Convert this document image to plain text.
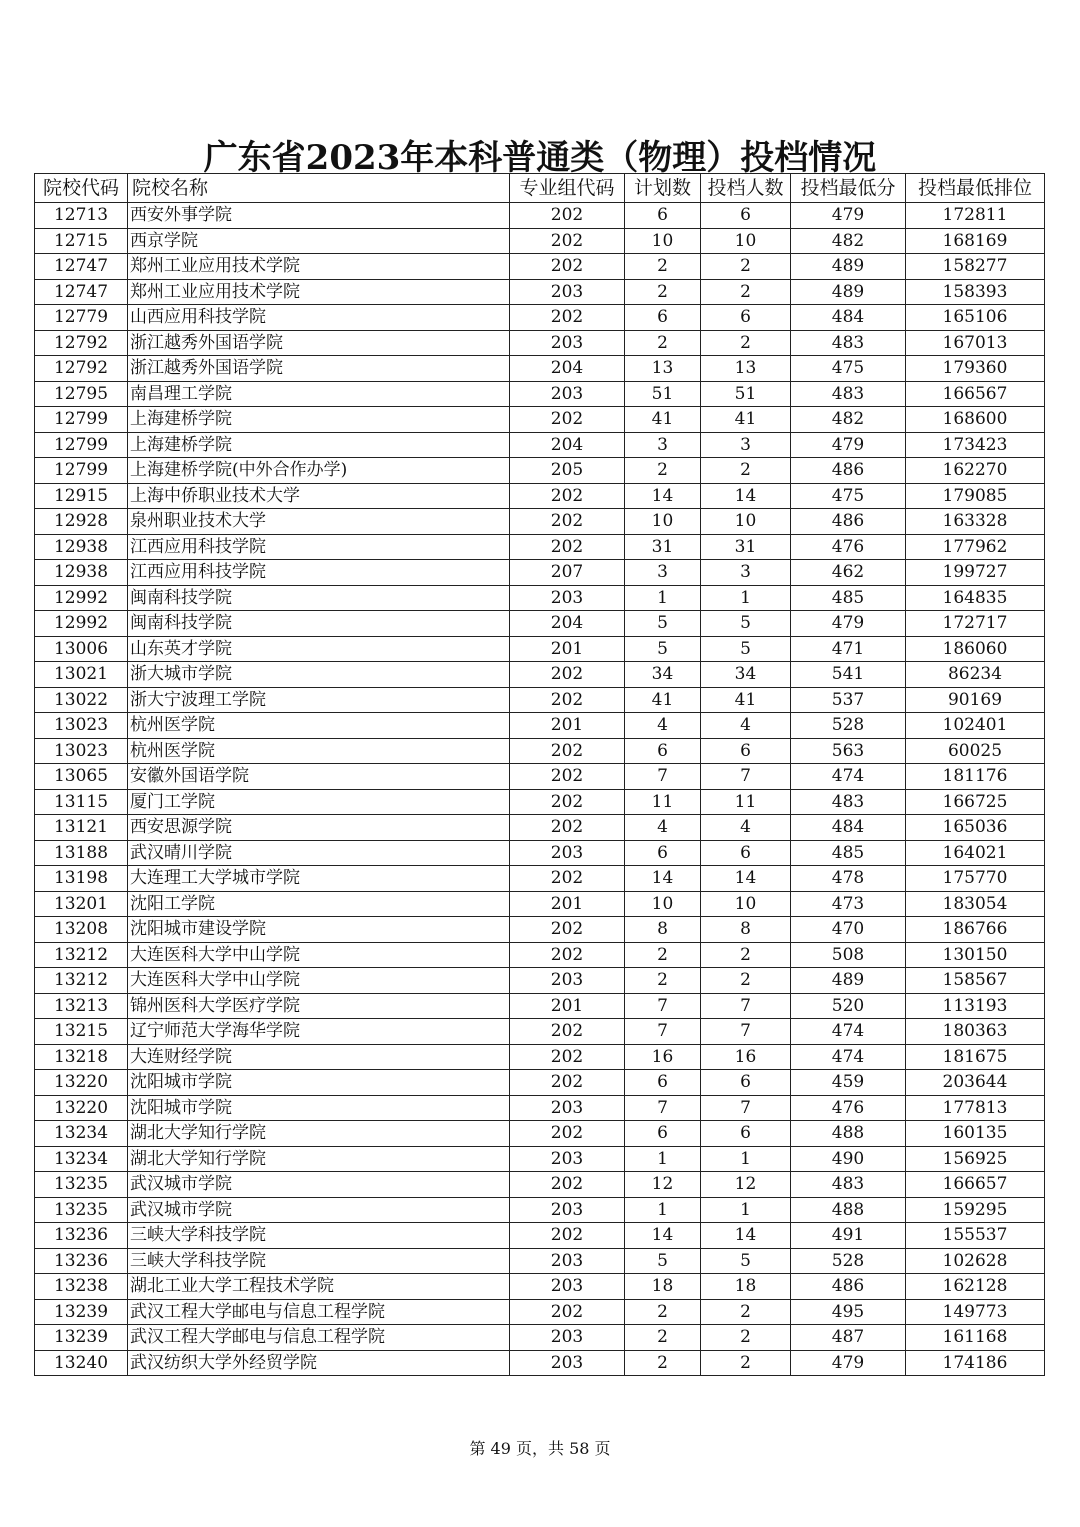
广东省2023年本科普通类（物理）投档情况
院校代码	院校名称	专业组代码	计划数	投档人数	投档最低分	投档最低排位
12713	西安外事学院	202	6	6	479	172811
12715	西京学院	202	10	10	482	168169
12747	郑州工业应用技术学院	202	2	2	489	158277
12747	郑州工业应用技术学院	203	2	2	489	158393
12779	山西应用科技学院	202	6	6	484	165106
12792	浙江越秀外国语学院	203	2	2	483	167013
12792	浙江越秀外国语学院	204	13	13	475	179360
12795	南昌理工学院	203	51	51	483	166567
12799	上海建桥学院	202	41	41	482	168600
12799	上海建桥学院	204	3	3	479	173423
12799	上海建桥学院(中外合作办学)	205	2	2	486	162270
12915	上海中侨职业技术大学	202	14	14	475	179085
12928	泉州职业技术大学	202	10	10	486	163328
12938	江西应用科技学院	202	31	31	476	177962
12938	江西应用科技学院	207	3	3	462	199727
12992	闽南科技学院	203	1	1	485	164835
12992	闽南科技学院	204	5	5	479	172717
13006	山东英才学院	201	5	5	471	186060
13021	浙大城市学院	202	34	34	541	86234
13022	浙大宁波理工学院	202	41	41	537	90169
13023	杭州医学院	201	4	4	528	102401
13023	杭州医学院	202	6	6	563	60025
13065	安徽外国语学院	202	7	7	474	181176
13115	厦门工学院	202	11	11	483	166725
13121	西安思源学院	202	4	4	484	165036
13188	武汉晴川学院	203	6	6	485	164021
13198	大连理工大学城市学院	202	14	14	478	175770
13201	沈阳工学院	201	10	10	473	183054
13208	沈阳城市建设学院	202	8	8	470	186766
13212	大连医科大学中山学院	202	2	2	508	130150
13212	大连医科大学中山学院	203	2	2	489	158567
13213	锦州医科大学医疗学院	201	7	7	520	113193
13215	辽宁师范大学海华学院	202	7	7	474	180363
13218	大连财经学院	202	16	16	474	181675
13220	沈阳城市学院	202	6	6	459	203644
13220	沈阳城市学院	203	7	7	476	177813
13234	湖北大学知行学院	202	6	6	488	160135
13234	湖北大学知行学院	203	1	1	490	156925
13235	武汉城市学院	202	12	12	483	166657
13235	武汉城市学院	203	1	1	488	159295
13236	三峡大学科技学院	202	14	14	491	155537
13236	三峡大学科技学院	203	5	5	528	102628
13238	湖北工业大学工程技术学院	203	18	18	486	162128
13239	武汉工程大学邮电与信息工程学院	202	2	2	495	149773
13239	武汉工程大学邮电与信息工程学院	203	2	2	487	161168
13240	武汉纺织大学外经贸学院	203	2	2	479	174186
第 49 页，共 58 页
